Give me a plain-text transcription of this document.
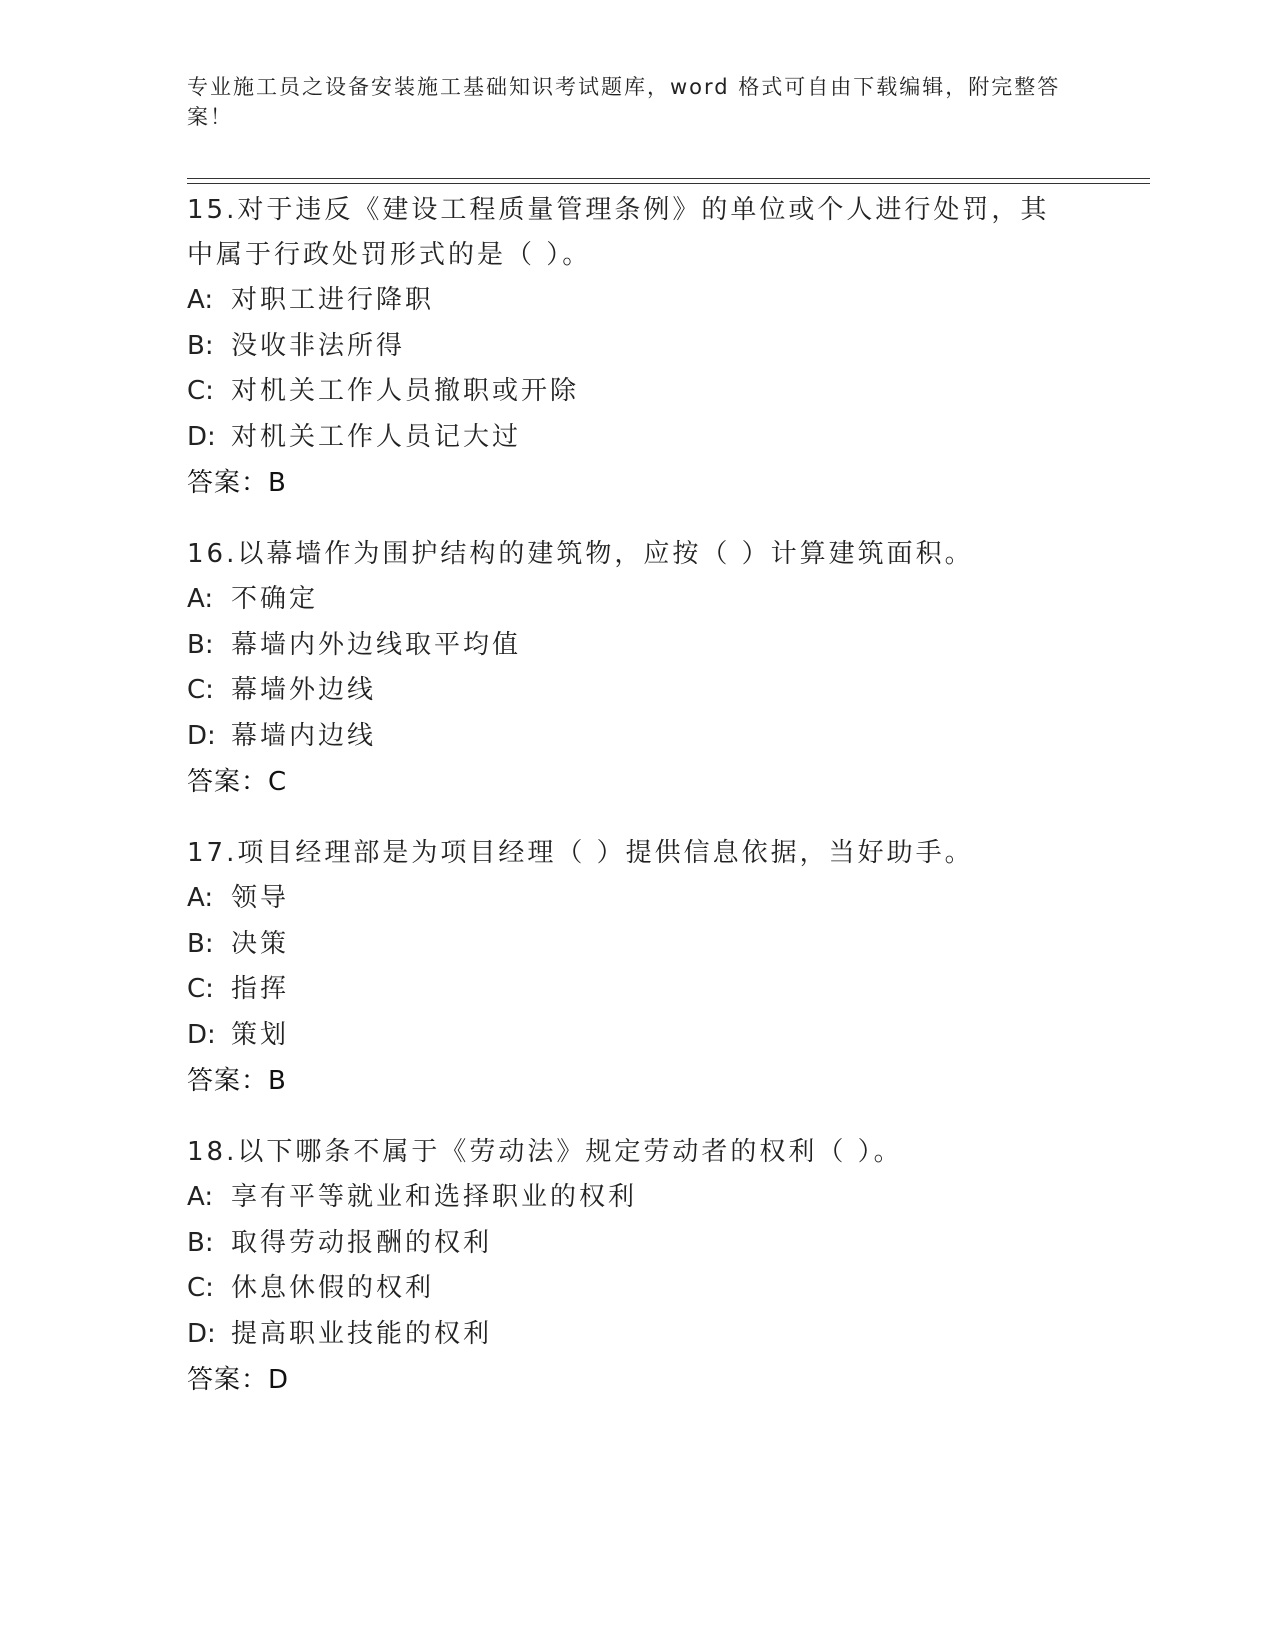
专业施工员之设备安装施工基础知识考试题库，word 格式可自由下载编辑，附完整答案！
15.对于违反《建设工程质量管理条例》的单位或个人进行处罚，其中属于行政处罚形式的是（ ）。
A: 对职工进行降职
B: 没收非法所得
C: 对机关工作人员撤职或开除
D: 对机关工作人员记大过
答案：B
16.以幕墙作为围护结构的建筑物，应按（ ）计算建筑面积。
A: 不确定
B: 幕墙内外边线取平均值
C: 幕墙外边线
D: 幕墙内边线
答案：C
17.项目经理部是为项目经理（ ）提供信息依据，当好助手。
A: 领导
B: 决策
C: 指挥
D: 策划
答案：B
18.以下哪条不属于《劳动法》规定劳动者的权利（ ）。
A: 享有平等就业和选择职业的权利
B: 取得劳动报酬的权利
C: 休息休假的权利
D: 提高职业技能的权利
答案：D
